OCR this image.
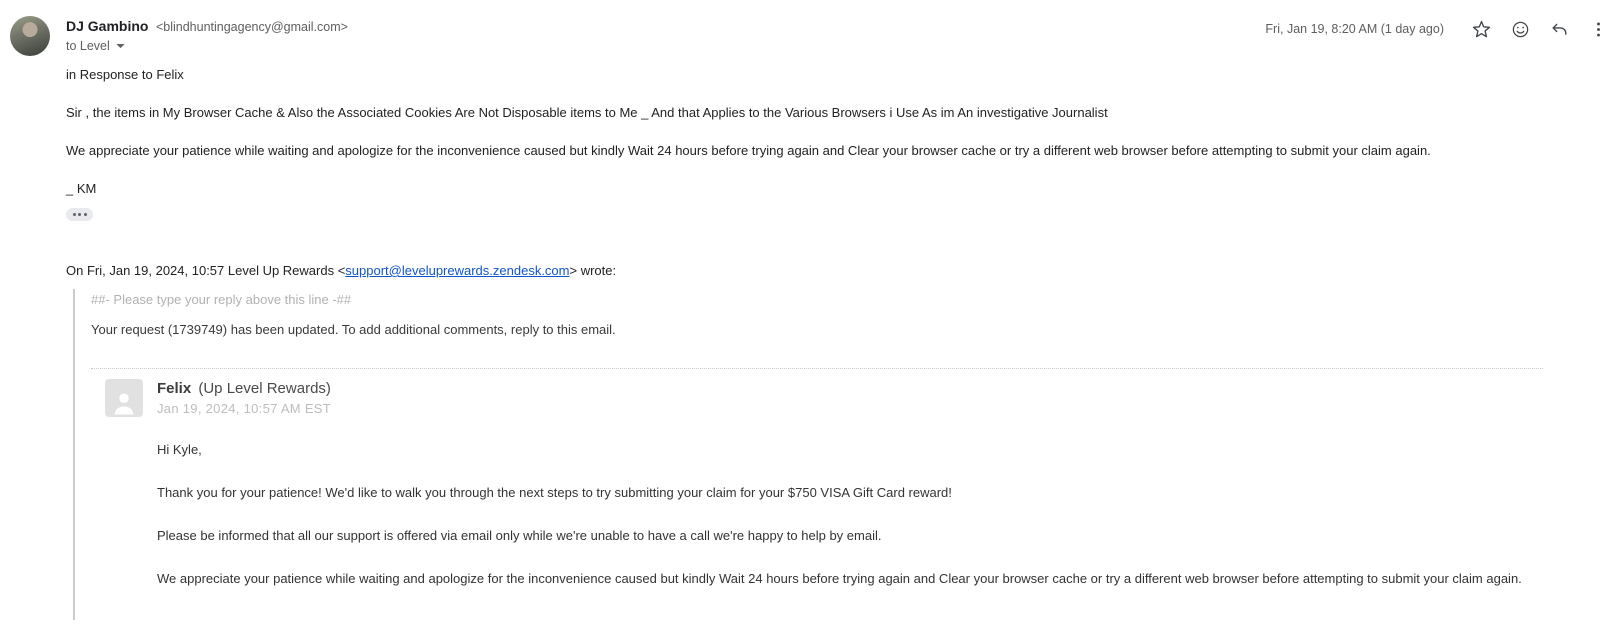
DJ Gambino <blindhuntingagency@gmail.com>
to Level
Fri, Jan 19, 8:20 AM (1 day ago)

in Response to Felix

Sir , the items in My Browser Cache & Also the Associated Cookies Are Not Disposable items to Me _ And that Applies to the Various Browsers i Use As im An investigative Journalist

We appreciate your patience while waiting and apologize for the inconvenience caused but kindly Wait 24 hours before trying again and Clear your browser cache or try a different web browser before attempting to submit your claim again.

_ KM

On Fri, Jan 19, 2024, 10:57 Level Up Rewards <support@leveluprewards.zendesk.com> wrote:
##- Please type your reply above this line -##
Your request (1739749) has been updated. To add additional comments, reply to this email.
Felix (Up Level Rewards)
Jan 19, 2024, 10:57 AM EST

Hi Kyle,

Thank you for your patience! We'd like to walk you through the next steps to try submitting your claim for your $750 VISA Gift Card reward!

Please be informed that all our support is offered via email only while we're unable to have a call we're happy to help by email.

We appreciate your patience while waiting and apologize for the inconvenience caused but kindly Wait 24 hours before trying again and Clear your browser cache or try a different web browser before attempting to submit your claim again.
